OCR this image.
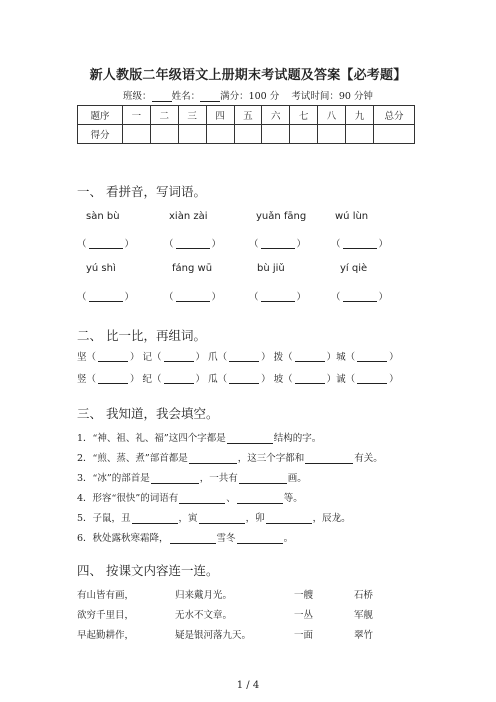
新人教版二年级语文上册期末考试题及答案【必考题】
班级： 姓名： 满分：100 分 考试时间：90 分钟
题序	一	二	三	四	五	六	七	八	九	总分
得分										
一、 看拼音，写词语。
sàn bù	xiàn zài	yuǎn fāng	wú lùn
（	）	（	）	（	）	（	）
yú shì	fáng wū	bù jiǔ	yí qiè
（	）	（	）	（	）	（	）
二、 比一比，再组词。
坚（	） 记（	） 爪（	） 拨（	）城（	）
竖（	） 纪（	） 瓜（	） 坡（	）诚（	）
三、 我知道，我会填空。
1．“神、祖、礼、福”这四个字都是	结构的字。
2．“煎、蒸、煮”部首都是	，这三个字都和	有关。
3．“冰”的部首是	，一共有	画。
4．形容“很快”的词语有	、	等。
5．子鼠，丑	，寅	，卯	，辰龙。
6．秋处露秋寒霜降，	雪冬	。
四、 按课文内容连一连。
有山皆有画，	归来戴月光。	一艘	石桥
欲穷千里目，	无水不文章。	一丛	军舰
早起勤耕作，	疑是银河落九天。	一面	翠竹
1 / 4
